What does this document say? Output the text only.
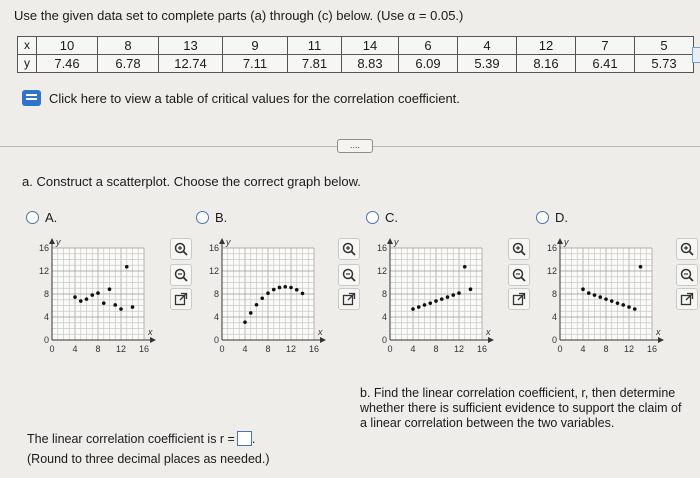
Use the given data set to complete parts (a) through (c) below. (Use α = 0.05.)
x	10	8	13	9	11	14	6	4	12	7	5
y	7.46	6.78	12.74	7.11	7.81	8.83	6.09	5.39	8.16	6.41	5.73
Click here to view a table of critical values for the correlation coefficient.
....
a. Construct a scatterplot. Choose the correct graph below.
A.
y
x
16
12
8
4
0
0 4 8 12 16
B.
y
x
16
12
8
4
0
0 4 8 12 16
C.
y
x
16
12
8
4
0
0 4 8 12 16
D.
y
x
16
12
8
4
0
0 4 8 12 16
b. Find the linear correlation coefficient, r, then determine whether there is sufficient evidence to support the claim of a linear correlation between the two variables.
The linear correlation coefficient is r = .
(Round to three decimal places as needed.)
